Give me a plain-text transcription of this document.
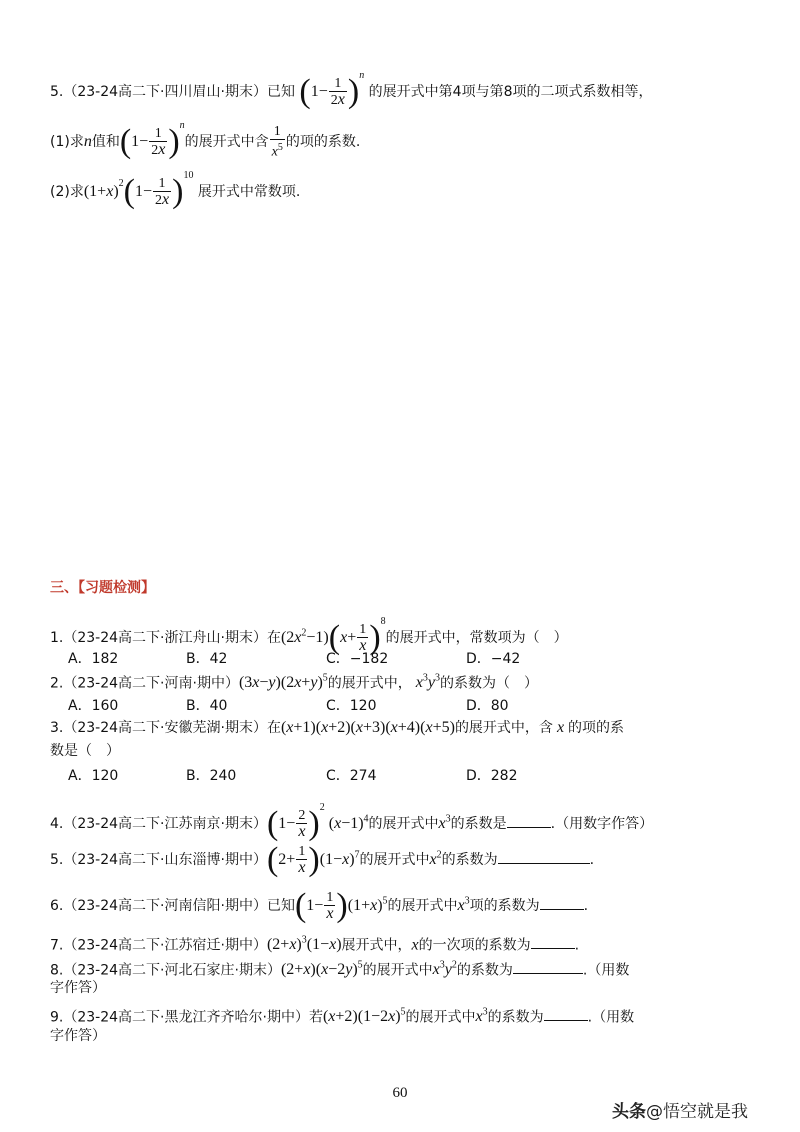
5.（23-24高二下·四川眉山·期末）已知 $(1- \frac{1}{2x} )^n$ 的展开式中第4项与第8项的二项式系数相等，
(1)求n值和$(1- \frac{1}{2x} )^n$的展开式中含 $\frac{1}{x^5}$ 的项的系数.
(2)求$(1+x)^2(1- \frac{1}{2x} )^{10}$ 展开式中常数项.
三、【习题检测】
1.（23-24高二下·浙江舟山·期末）在$(2x^2-1)(x+ \frac{1}{x} )^8$的展开式中，常数项为（　）
A．182	B．42	C．−182	D．−42
2.（23-24高二下·河南·期中）$(3x-y)(2x+y)^5$的展开式中， $x^3y^3$的系数为（　）
A．160	B．40	C．120	D．80
3.（23-24高二下·安徽芜湖·期末）在(x+1)(x+2)(x+3)(x+4)(x+5)的展开式中，含 x 的项的系
数是（　）
A．120	B．240	C．274	D．282
4.（23-24高二下·江苏南京·期末）$(1- \frac{2}{x} )^2$ $(x-1)^4$的展开式中$x^3$的系数是	.（用数字作答）
5.（23-24高二下·山东淄博·期中）$(2+ \frac{1}{x} )(1-x)^7$的展开式中$x^2$的系数为	.
6.（23-24高二下·河南信阳·期中）已知$(1- \frac{1}{x} )(1+x)^5$的展开式中$x^3$项的系数为	.
7.（23-24高二下·江苏宿迁·期中）$(2+x)^3(1-x)$展开式中，x的一次项的系数为	.
8.（23-24高二下·河北石家庄·期末）$(2+x)(x-2y)^5$的展开式中$x^3y^2$的系数为	.（用数
字作答）
9.（23-24高二下·黑龙江齐齐哈尔·期中）若$(x+2)(1-2x)^5$的展开式中$x^3$的系数为	.（用数
字作答）
60
头条@悟空就是我
